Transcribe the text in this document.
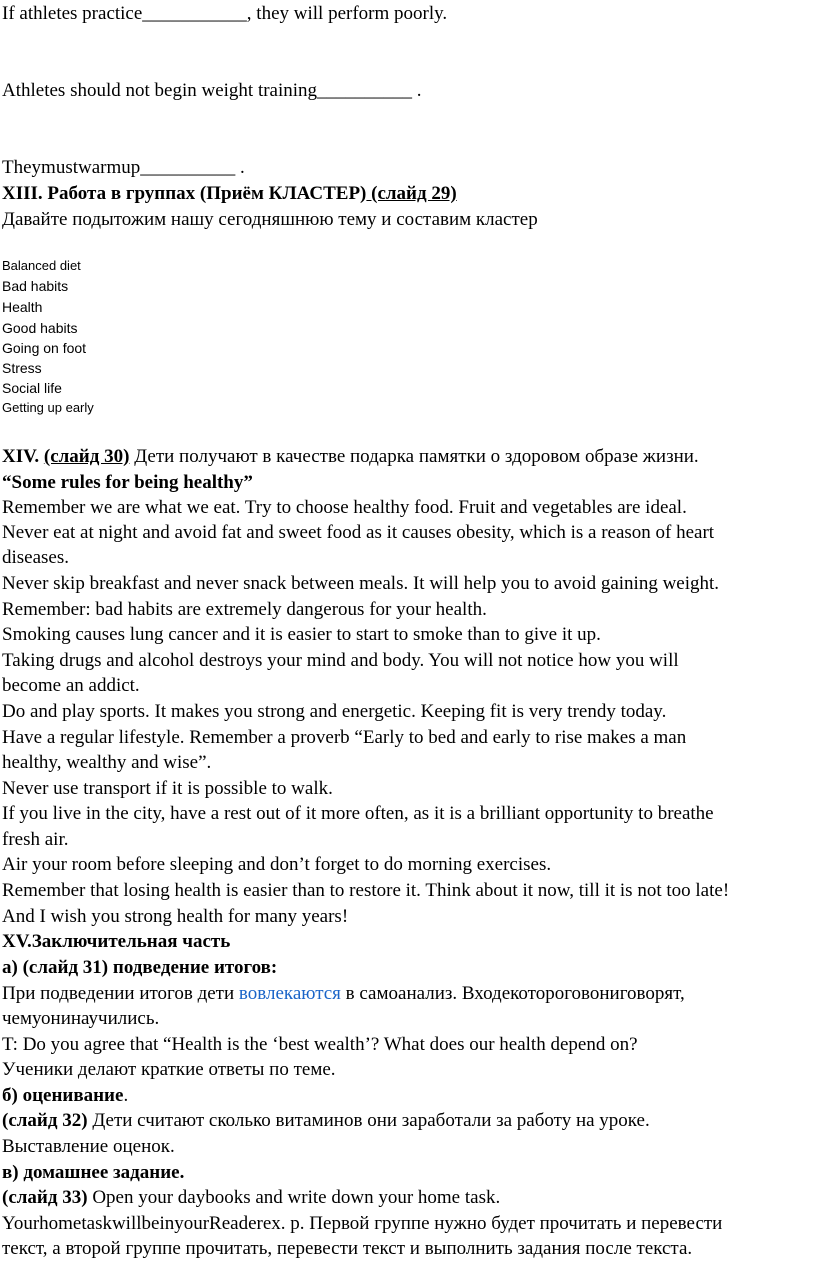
If athletes practice___________, they will perform poorly.
Athletes should not begin weight training__________ .
Theymustwarmup__________ .
XIII. Работа в группах (Приём КЛАСТЕР) (слайд 29)
Давайте подытожим нашу сегодняшнюю тему и составим кластер
Balanced diet
Bad habits
Health
Good habits
Going on foot
Stress
Social life
Getting up early
XIV. (слайд 30) Дети получают в качестве подарка памятки о здоровом образе жизни.
“Some rules for being healthy”
Remember we are what we eat. Try to choose healthy food. Fruit and vegetables are ideal.
Never eat at night and avoid fat and sweet food as it causes obesity, which is a reason of heart
diseases.
Never skip breakfast and never snack between meals. It will help you to avoid gaining weight.
Remember: bad habits are extremely dangerous for your health.
Smoking causes lung cancer and it is easier to start to smoke than to give it up.
Taking drugs and alcohol destroys your mind and body. You will not notice how you will
become an addict.
Do and play sports. It makes you strong and energetic. Keeping fit is very trendy today.
Have a regular lifestyle. Remember a proverb “Early to bed and early to rise makes a man
healthy, wealthy and wise”.
Never use transport if it is possible to walk.
If you live in the city, have a rest out of it more often, as it is a brilliant opportunity to breathe
fresh air.
Air your room before sleeping and don’t forget to do morning exercises.
Remember that losing health is easier than to restore it. Think about it now, till it is not too late!
And I wish you strong health for many years!
XV.Заключительная часть
а) (слайд 31) подведение итогов:
При подведении итогов дети вовлекаются в самоанализ. Входекотороговониговорят,
чемуонинаучились.
T: Do you agree that “Health is the ‘best wealth’? What does our health depend on?
Ученики делают краткие ответы по теме.
б) оценивание.
(слайд 32) Дети считают сколько витаминов они заработали за работу на уроке.
Выставление оценок.
в) домашнее задание.
(слайд 33) Open your daybooks and write down your home task.
YourhometaskwillbeinyourReaderex. p. Первой группе нужно будет прочитать и перевести
текст, а второй группе прочитать, перевести текст и выполнить задания после текста.
